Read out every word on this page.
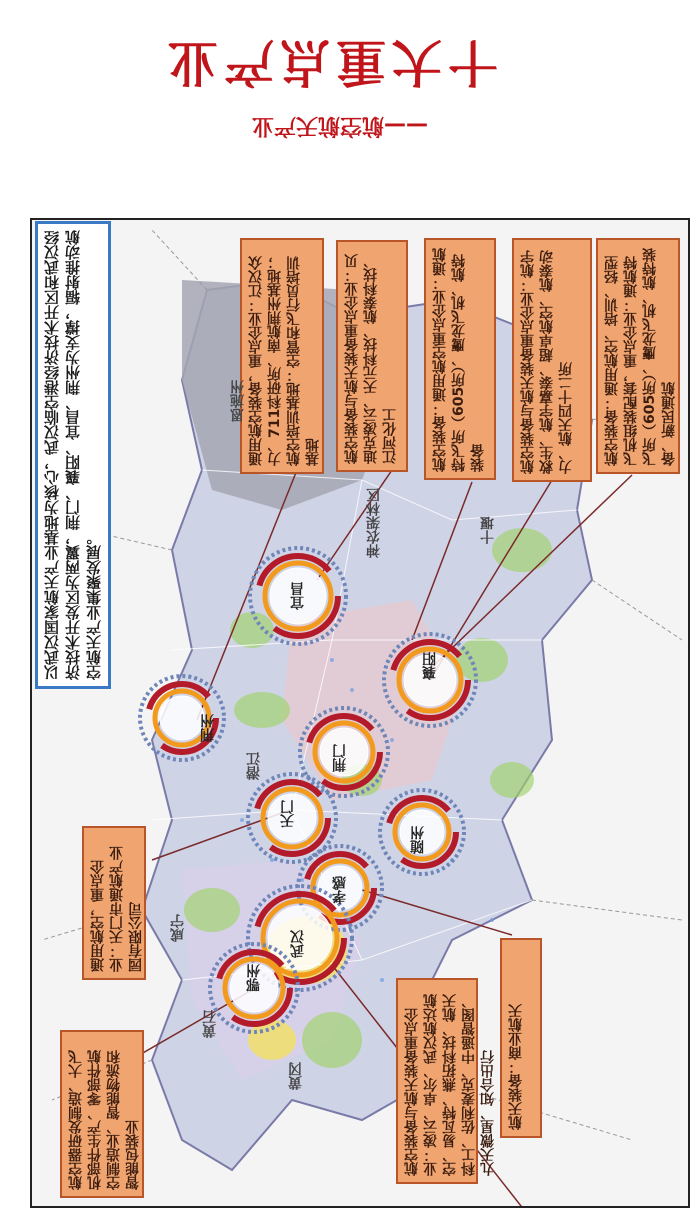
十大重点产业
——航空航天产业
以武汉国家航天产业基地为核心，武汉临空港经济技术开区和武汉经济技术开发区为两翼，荆门、襄阳、宜昌、荆州为支撑，辐射推动航空航天产业集聚发展。
航空装备：通用航空、培训、轻型飞机组装配套，重点企业：通航特飞所（605所）、鹰龙飞机、航特装备、新民通航
航空装备与航天装备重点企业：航宇救生、航宇嘉泰、超卓航空、航泰动力、航天四十二所
航空装备：通用航空重点企业：通航特飞所（605所）、鹰龙飞机、航特装备
航空装备与航天装备重点企业：贝迪克凌云、天元科技、航泰科技、江河化工
通用航空装备，重点企业：江汉众力、711科研所、南航荆州基地；航空培训基地：空管和飞行员培训基地
通用航空，重点企业：天门市通航产业园有限公司
航天装备：商业航天
航空装备与航天装备重点企业：凌云、卓尔、武汉航达航空、易瓦特、燕拓科技、航天科工、佐利麦克、中遥智图、九天微星、知合出行
航空器研发制造、大飞机部件生产、零部件航空制造业、智能物流和智能包装业
宜昌
襄阳
荆州
荆门
天门
随州
孝感
武汉
鄂州
十堰
神农架林区
潜江
咸宁
黄石
黄冈
恩施州
